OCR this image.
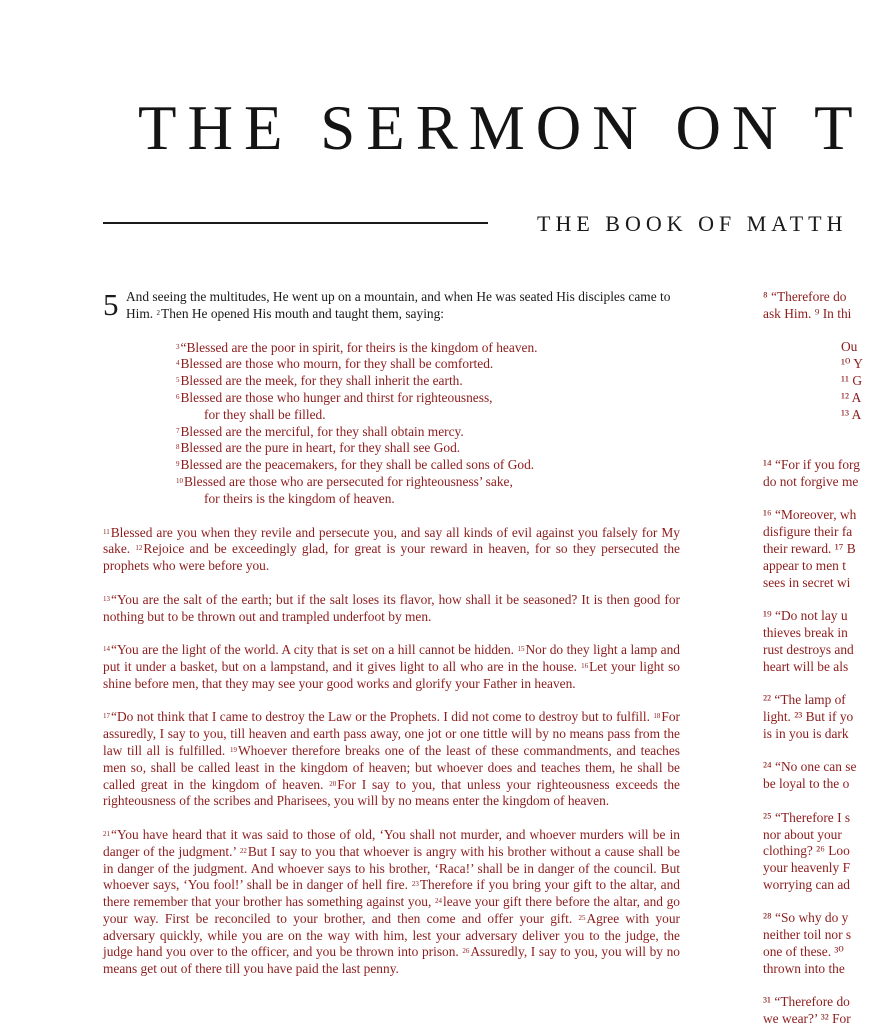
THE SERMON ON T
THE BOOK OF MATTH

5 And seeing the multitudes, He went up on a mountain, and when He was seated His disciples came to Him. $^2$Then He opened His mouth and taught them, saying:

$^3$“Blessed are the poor in spirit, for theirs is the kingdom of heaven.
$^4$Blessed are those who mourn, for they shall be comforted.
$^5$Blessed are the meek, for they shall inherit the earth.
$^6$Blessed are those who hunger and thirst for righteousness,
for they shall be filled.
$^7$Blessed are the merciful, for they shall obtain mercy.
$^8$Blessed are the pure in heart, for they shall see God.
$^9$Blessed are the peacemakers, for they shall be called sons of God.
$^{10}$Blessed are those who are persecuted for righteousness’ sake,
for theirs is the kingdom of heaven.

$^{11}$Blessed are you when they revile and persecute you, and say all kinds of evil against you falsely for My sake. $^{12}$Rejoice and be exceedingly glad, for great is your reward in heaven, for so they persecuted the prophets who were before you.

$^{13}$“You are the salt of the earth; but if the salt loses its flavor, how shall it be seasoned? It is then good for nothing but to be thrown out and trampled underfoot by men.

$^{14}$“You are the light of the world. A city that is set on a hill cannot be hidden. $^{15}$Nor do they light a lamp and put it under a basket, but on a lampstand, and it gives light to all who are in the house. $^{16}$Let your light so shine before men, that they may see your good works and glorify your Father in heaven.

$^{17}$“Do not think that I came to destroy the Law or the Prophets. I did not come to destroy but to fulfill. $^{18}$For assuredly, I say to you, till heaven and earth pass away, one jot or one tittle will by no means pass from the law till all is fulfilled. $^{19}$Whoever therefore breaks one of the least of these commandments, and teaches men so, shall be called least in the kingdom of heaven; but whoever does and teaches them, he shall be called great in the kingdom of heaven. $^{20}$For I say to you, that unless your righteousness exceeds the righteousness of the scribes and Pharisees, you will by no means enter the kingdom of heaven.

$^{21}$“You have heard that it was said to those of old, ‘You shall not murder, and whoever murders will be in danger of the judgment.’ $^{22}$But I say to you that whoever is angry with his brother without a cause shall be in danger of the judgment. And whoever says to his brother, ‘Raca!’ shall be in danger of the council. But whoever says, ‘You fool!’ shall be in danger of hell fire. $^{23}$Therefore if you bring your gift to the altar, and there remember that your brother has something against you, $^{24}$leave your gift there before the altar, and go your way. First be reconciled to your brother, and then come and offer your gift. $^{25}$Agree with your adversary quickly, while you are on the way with him, lest your adversary deliver you to the judge, the judge hand you over to the officer, and you be thrown into prison. $^{26}$Assuredly, I say to you, you will by no means get out of there till you have paid the last penny.

⁸ “Therefore do
ask Him. ⁹ In thi
Ou
¹⁰ Y
¹¹ G
¹² A
¹³ A
¹⁴ “For if you forg
do not forgive me
¹⁶ “Moreover, wh
disfigure their fa
their reward. ¹⁷ B
appear to men t
sees in secret wi
¹⁹ “Do not lay u
thieves break in
rust destroys and
heart will be als
²² “The lamp of
light. ²³ But if yo
is in you is dark
²⁴ “No one can se
be loyal to the o
²⁵ “Therefore I s
nor about your
clothing? ²⁶ Loo
your heavenly F
worrying can ad
²⁸ “So why do y
neither toil nor s
one of these. ³⁰
thrown into the
³¹ “Therefore do
we wear?’ ³² For
